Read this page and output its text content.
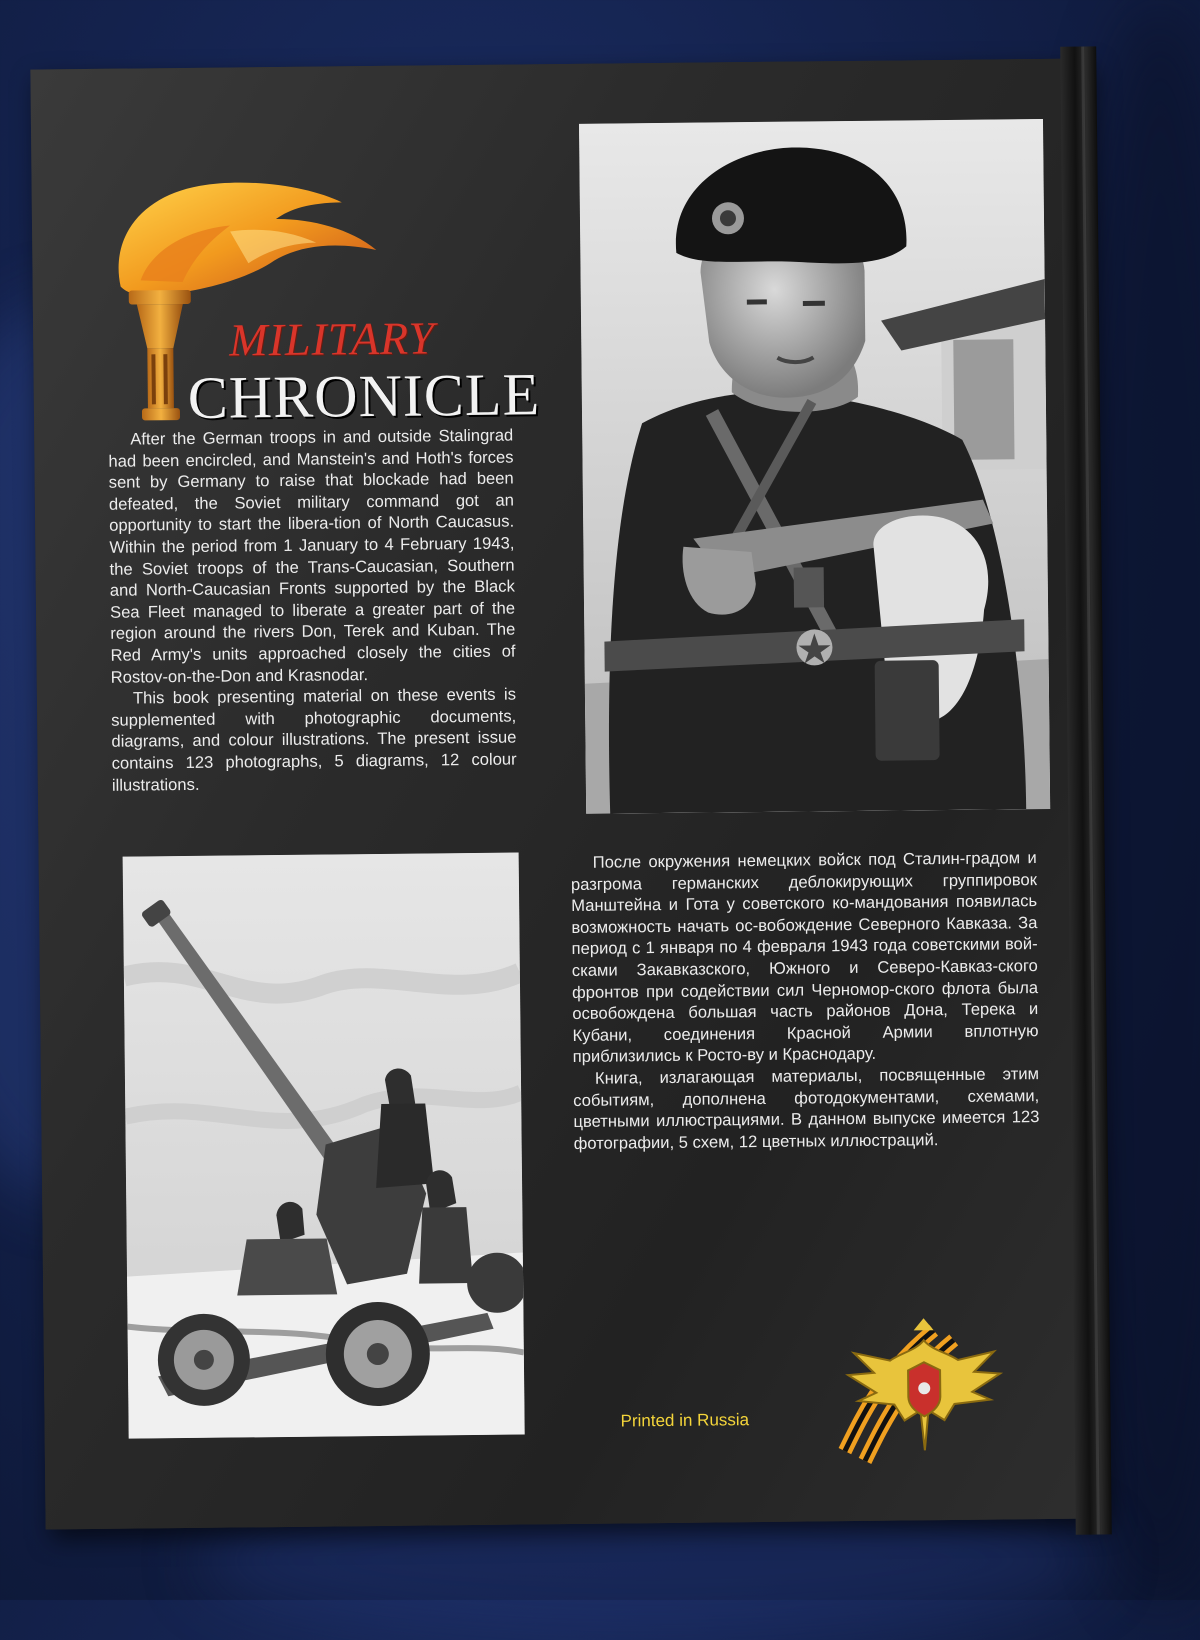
MILITARY
CHRONICLE

After the German troops in and outside Stalingrad had been encircled, and Manstein's and Hoth's forces sent by Germany to raise that blockade had been defeated, the Soviet military command got an opportunity to start the libera-tion of North Caucasus. Within the period from 1 January to 4 February 1943, the Soviet troops of the Trans-Caucasian, Southern and North-Caucasian Fronts supported by the Black Sea Fleet managed to liberate a greater part of the region around the rivers Don, Terek and Kuban. The Red Army's units approached closely the cities of Rostov-on-the-Don and Krasnodar.

This book presenting material on these events is supplemented with photographic documents, diagrams, and colour illustrations. The present issue contains 123 photographs, 5 diagrams, 12 colour illustrations.

После окружения немецких войск под Сталин-градом и разгрома германских деблокирующих группировок Манштейна и Гота у советского ко-мандования появилась возможность начать ос-вобождение Северного Кавказа. За период с 1 января по 4 февраля 1943 года советскими вой-сками Закавказского, Южного и Северо-Кавказ-ского фронтов при содействии сил Черномор-ского флота была освобождена большая часть районов Дона, Терека и Кубани, соединения Красной Армии вплотную приблизились к Росто-ву и Краснодару.

Книга, излагающая материалы, посвященные этим событиям, дополнена фотодокументами, схемами, цветными иллюстрациями. В данном выпуске имеется 123 фотографии, 5 схем, 12 цветных иллюстраций.

Printed in Russia
